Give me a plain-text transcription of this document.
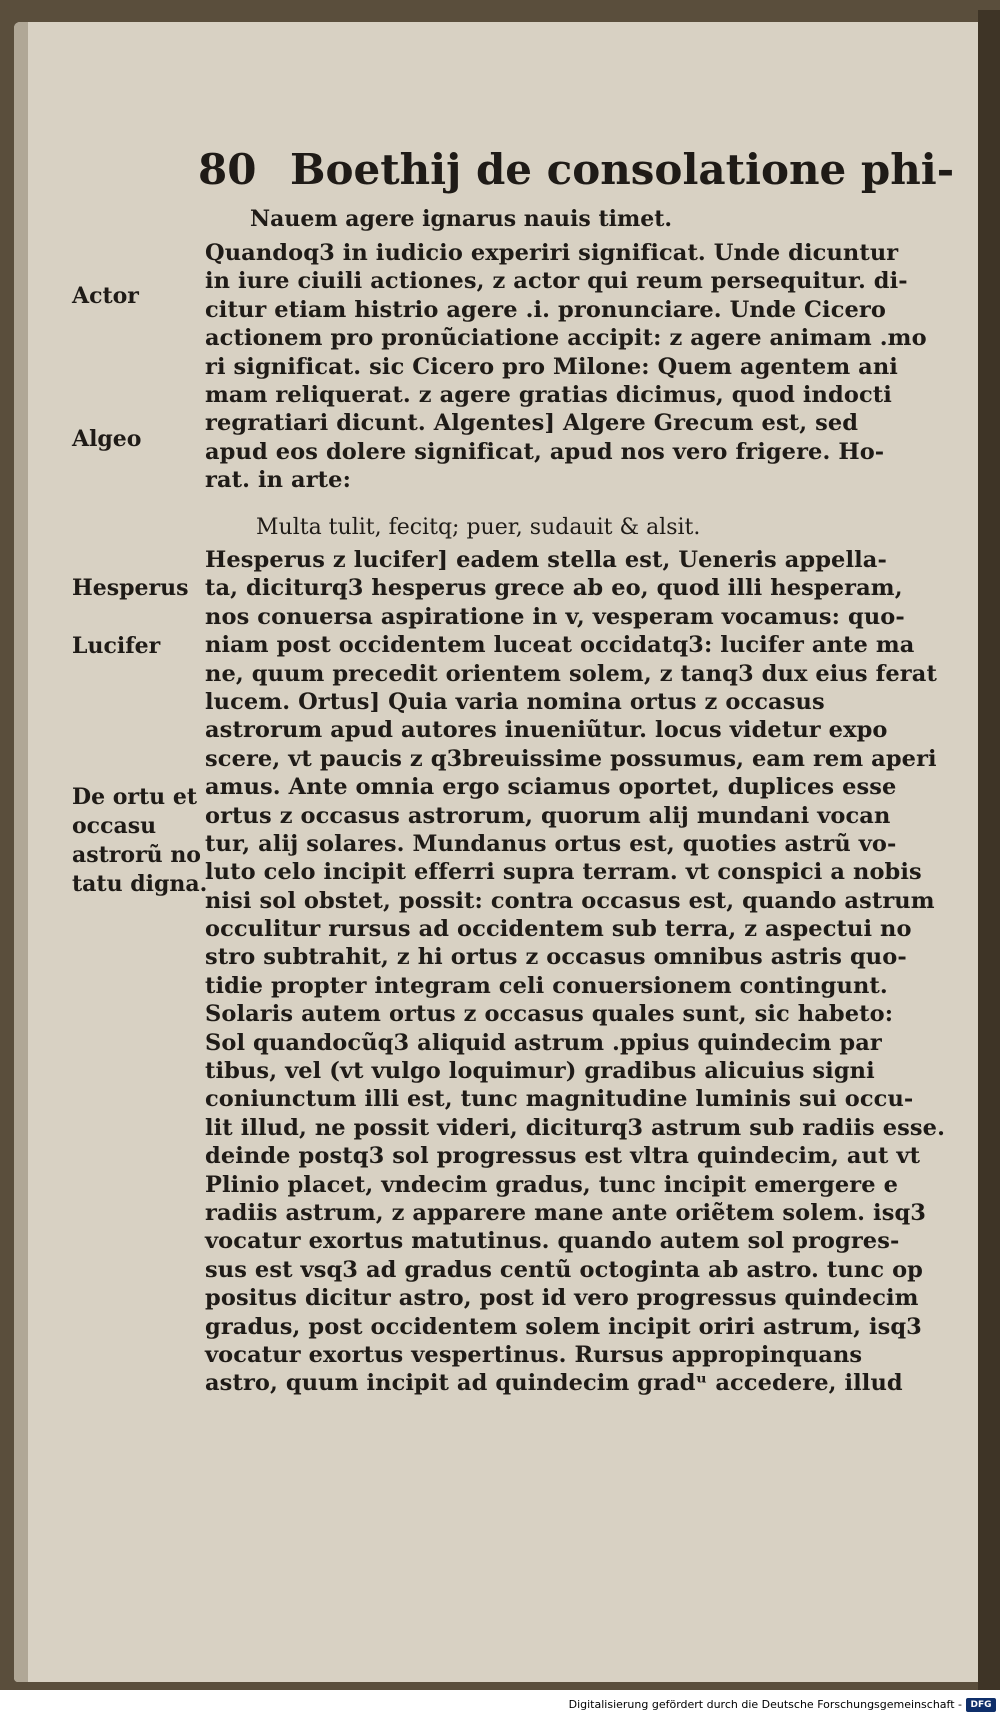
80 Boethij de consolatione phi-
Nauem agere ignarus nauis timet.
Quandoq3 in iudicio experiri significat. Unde dicuntur
in iure ciuili actiones, z actor qui reum persequitur. di-
citur etiam histrio agere .i. pronunciare. Unde Cicero
actionem pro pronũciatione accipit: z agere animam .mo
ri significat. sic Cicero pro Milone: Quem agentem ani
mam reliquerat. z agere gratias dicimus, quod indocti
regratiari dicunt. Algentes] Algere Grecum est, sed
apud eos dolere significat, apud nos vero frigere. Ho-
rat. in arte:
Multa tulit, fecitq; puer, sudauit & alsit.
Hesperus z lucifer] eadem stella est, Ueneris appella-
ta, diciturq3 hesperus grece ab eo, quod illi hesperam,
nos conuersa aspiratione in v, vesperam vocamus: quo-
niam post occidentem luceat occidatq3: lucifer ante ma
ne, quum precedit orientem solem, z tanq3 dux eius ferat
lucem. Ortus] Quia varia nomina ortus z occasus
astrorum apud autores inueniũtur. locus videtur expo
scere, vt paucis z q3breuissime possumus, eam rem aperi
amus. Ante omnia ergo sciamus oportet, duplices esse
ortus z occasus astrorum, quorum alij mundani vocan
tur, alij solares. Mundanus ortus est, quoties astrũ vo-
luto celo incipit efferri supra terram. vt conspici a nobis
nisi sol obstet, possit: contra occasus est, quando astrum
occulitur rursus ad occidentem sub terra, z aspectui no
stro subtrahit, z hi ortus z occasus omnibus astris quo-
tidie propter integram celi conuersionem contingunt.
Solaris autem ortus z occasus quales sunt, sic habeto:
Sol quandocũq3 aliquid astrum .ppius quindecim par
tibus, vel (vt vulgo loquimur) gradibus alicuius signi
coniunctum illi est, tunc magnitudine luminis sui occu-
lit illud, ne possit videri, diciturq3 astrum sub radiis esse.
deinde postq3 sol progressus est vltra quindecim, aut vt
Plinio placet, vndecim gradus, tunc incipit emergere e
radiis astrum, z apparere mane ante oriẽtem solem. isq3
vocatur exortus matutinus. quando autem sol progres-
sus est vsq3 ad gradus centũ octoginta ab astro. tunc op
positus dicitur astro, post id vero progressus quindecim
gradus, post occidentem solem incipit oriri astrum, isq3
vocatur exortus vespertinus. Rursus appropinquans
astro, quum incipit ad quindecim gradᵘ accedere, illud
Actor
Algeo
Hesperus
Lucifer
De ortu et
occasu
astrorũ no
tatu digna.
Digitalisierung gefördert durch die Deutsche Forschungsgemeinschaft - DFG
